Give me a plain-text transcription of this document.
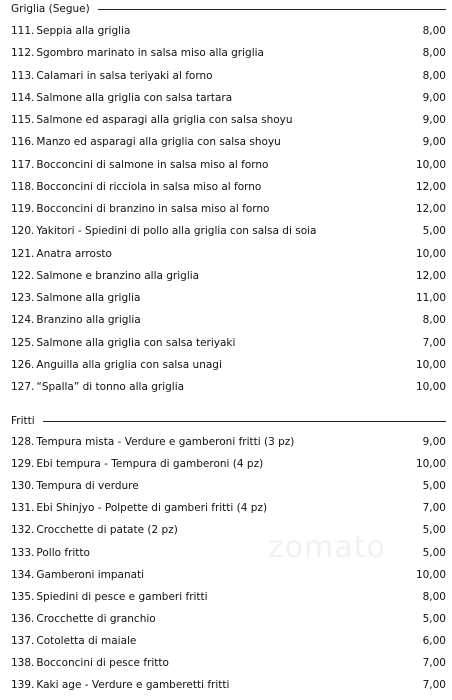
Griglia (Segue)
111. Seppia alla griglia	8,00
112. Sgombro marinato in salsa miso alla griglia	8,00
113. Calamari in salsa teriyaki al forno	8,00
114. Salmone alla griglia con salsa tartara	9,00
115. Salmone ed asparagi alla griglia con salsa shoyu	9,00
116. Manzo ed asparagi alla griglia con salsa shoyu	9,00
117. Bocconcini di salmone in salsa miso al forno	10,00
118. Bocconcini di ricciola in salsa miso al forno	12,00
119. Bocconcini di branzino in salsa miso al forno	12,00
120. Yakitori - Spiedini di pollo alla griglia con salsa di soia	5,00
121. Anatra arrosto	10,00
122. Salmone e branzino alla griglia	12,00
123. Salmone alla griglia	11,00
124. Branzino alla griglia	8,00
125. Salmone alla griglia con salsa teriyaki	7,00
126. Anguilla alla griglia con salsa unagi	10,00
127. “Spalla” di tonno alla griglia	10,00
Fritti
128. Tempura mista - Verdure e gamberoni fritti (3 pz)	9,00
129. Ebi tempura - Tempura di gamberoni (4 pz)	10,00
130. Tempura di verdure	5,00
131. Ebi Shinjyo - Polpette di gamberi fritti (4 pz)	7,00
132. Crocchette di patate (2 pz)	5,00
133. Pollo fritto	5,00
134. Gamberoni impanati	10,00
135. Spiedini di pesce e gamberi fritti	8,00
136. Crocchette di granchio	5,00
137. Cotoletta di maiale	6,00
138. Bocconcini di pesce fritto	7,00
139. Kaki age - Verdure e gamberetti fritti	7,00
zomato
